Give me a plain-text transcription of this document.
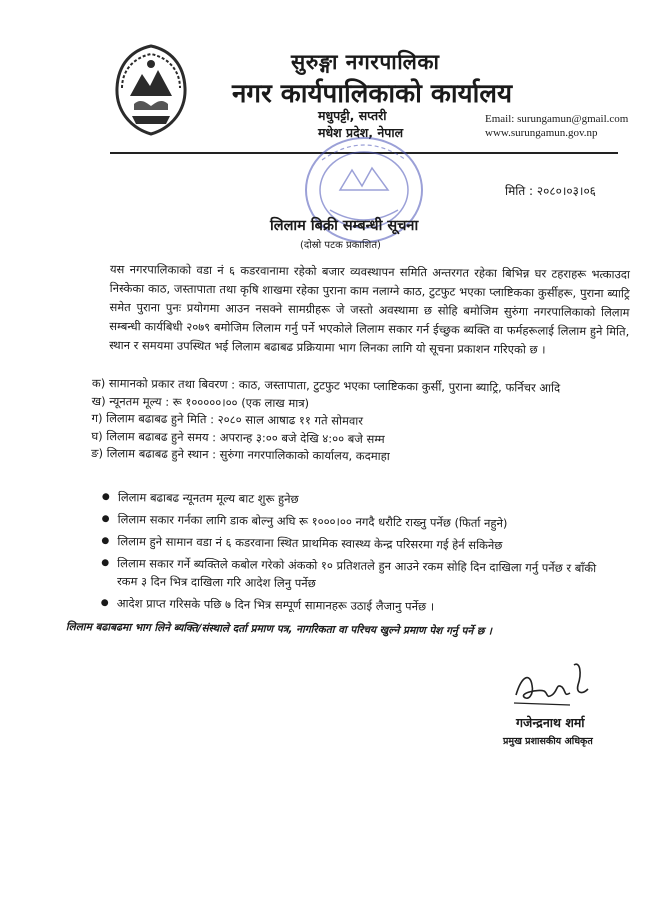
सुरुङ्गा नगरपालिका
नगर कार्यपालिकाको कार्यालय
मधुपट्टी, सप्तरी
मधेश प्रदेश, नेपाल
Email: surungamun@gmail.com
www.surungamun.gov.np
मिति : २०८०।०३।०६
लिलाम बिक्री सम्बन्धी सूचना
(दोस्रो पटक प्रकाशित)

यस नगरपालिकाको वडा नं ६ कडरवानामा रहेको बजार व्यवस्थापन समिति अन्तरगत रहेका बिभिन्न घर टहराहरू भत्काउदा निस्केका काठ, जस्तापाता तथा कृषि शाखमा रहेका पुराना काम नलाग्ने काठ, टुटफुट भएका प्लाष्टिकका कुर्सीहरू, पुराना ब्याट्रि समेत पुराना पुनः प्रयोगमा आउन नसक्ने सामग्रीहरू जे जस्तो अवस्थामा छ सोहि बमोजिम सुरुंगा नगरपालिकाको लिलाम सम्बन्धी कार्यबिधी २०७९ बमोजिम लिलाम गर्नु पर्ने भएकोले लिलाम सकार गर्न ईच्छुक ब्यक्ति वा फर्महरूलाई लिलाम हुने मिति, स्थान र समयमा उपस्थित भई लिलाम बढाबढ प्रक्रियामा भाग लिनका लागि यो सूचना प्रकाशन गरिएको छ ।

क) सामानको प्रकार तथा बिवरण : काठ, जस्तापाता, टुटफुट भएका प्लाष्टिकका कुर्सी, पुराना ब्याट्रि, फर्निचर आदि
ख) न्यूनतम मूल्य : रू १०००००।०० (एक लाख मात्र)
ग) लिलाम बढाबढ हुने मिति : २०८० साल आषाढ ११ गते सोमवार
घ) लिलाम बढाबढ हुने समय : अपरान्ह ३:०० बजे देखि ४:०० बजे सम्म
ङ) लिलाम बढाबढ हुने स्थान : सुरुंगा नगरपालिकाको कार्यालय, कदमाहा
● लिलाम बढाबढ न्यूनतम मूल्य बाट शुरू हुनेछ
● लिलाम सकार गर्नका लागि डाक बोल्नु अघि रू १०००।०० नगदै धरौटि राख्नु पर्नेछ (फिर्ता नहुने)
● लिलाम हुने सामान वडा नं ६ कडरवाना स्थित प्राथमिक स्वास्थ्य केन्द्र परिसरमा गई हेर्न सकिनेछ
● लिलाम सकार गर्ने ब्यक्तिले कबोल गरेको अंकको १० प्रतिशतले हुन आउने रकम सोहि दिन दाखिला गर्नु पर्नेछ र बाँकी रकम ३ दिन भित्र दाखिला गरि आदेश लिनु पर्नेछ
● आदेश प्राप्त गरिसके पछि ७ दिन भित्र सम्पूर्ण सामानहरू उठाई लैजानु पर्नेछ ।
लिलाम बढाबढमा भाग लिने ब्यक्ति/संस्थाले दर्ता प्रमाण पत्र, नागरिकता वा परिचय खुल्ने प्रमाण पेश गर्नु पर्ने छ ।
गजेन्द्रनाथ शर्मा
प्रमुख प्रशासकीय अधिकृत
